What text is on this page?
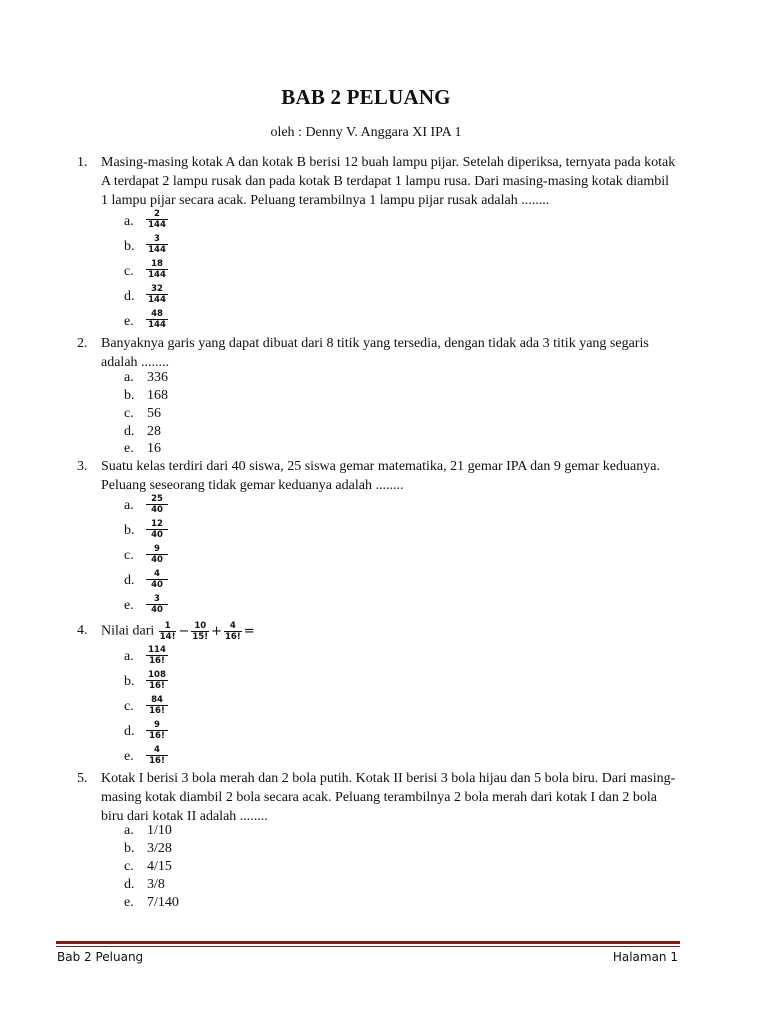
BAB 2 PELUANG
oleh : Denny V. Anggara XI IPA 1
1. Masing-masing kotak A dan kotak B berisi 12 buah lampu pijar. Setelah diperiksa, ternyata pada kotak A terdapat 2 lampu rusak dan pada kotak B terdapat 1 lampu rusa. Dari masing-masing kotak diambil 1 lampu pijar secara acak. Peluang terambilnya 1 lampu pijar rusak adalah ........
a.	$\frac{2}{144}$
b.	$\frac{3}{144}$
c.	$\frac{18}{144}$
d.	$\frac{32}{144}$
e.	$\frac{48}{144}$
2. Banyaknya garis yang dapat dibuat dari 8 titik yang tersedia, dengan tidak ada 3 titik yang segaris adalah ........
a. 336
b. 168
c. 56
d. 28
e. 16
3. Suatu kelas terdiri dari 40 siswa, 25 siswa gemar matematika, 21 gemar IPA dan 9 gemar keduanya. Peluang seseorang tidak gemar keduanya adalah ........
a.	$\frac{25}{40}$
b.	$\frac{12}{40}$
c.	$\frac{9}{40}$
d.	$\frac{4}{40}$
e.	$\frac{3}{40}$
4. Nilai dari $\frac{1}{14!} - \frac{10}{15!} + \frac{4}{16!}$ =
a.	$\frac{114}{16!}$
b.	$\frac{108}{16!}$
c.	$\frac{84}{16!}$
d.	$\frac{9}{16!}$
e.	$\frac{4}{16!}$
5. Kotak I berisi 3 bola merah dan 2 bola putih. Kotak II berisi 3 bola hijau dan 5 bola biru. Dari masing-masing kotak diambil 2 bola secara acak. Peluang terambilnya 2 bola merah dari kotak I dan 2 bola biru dari kotak II adalah ........
a. 1/10
b. 3/28
c. 4/15
d. 3/8
e. 7/140
Bab 2 Peluang	Halaman 1
